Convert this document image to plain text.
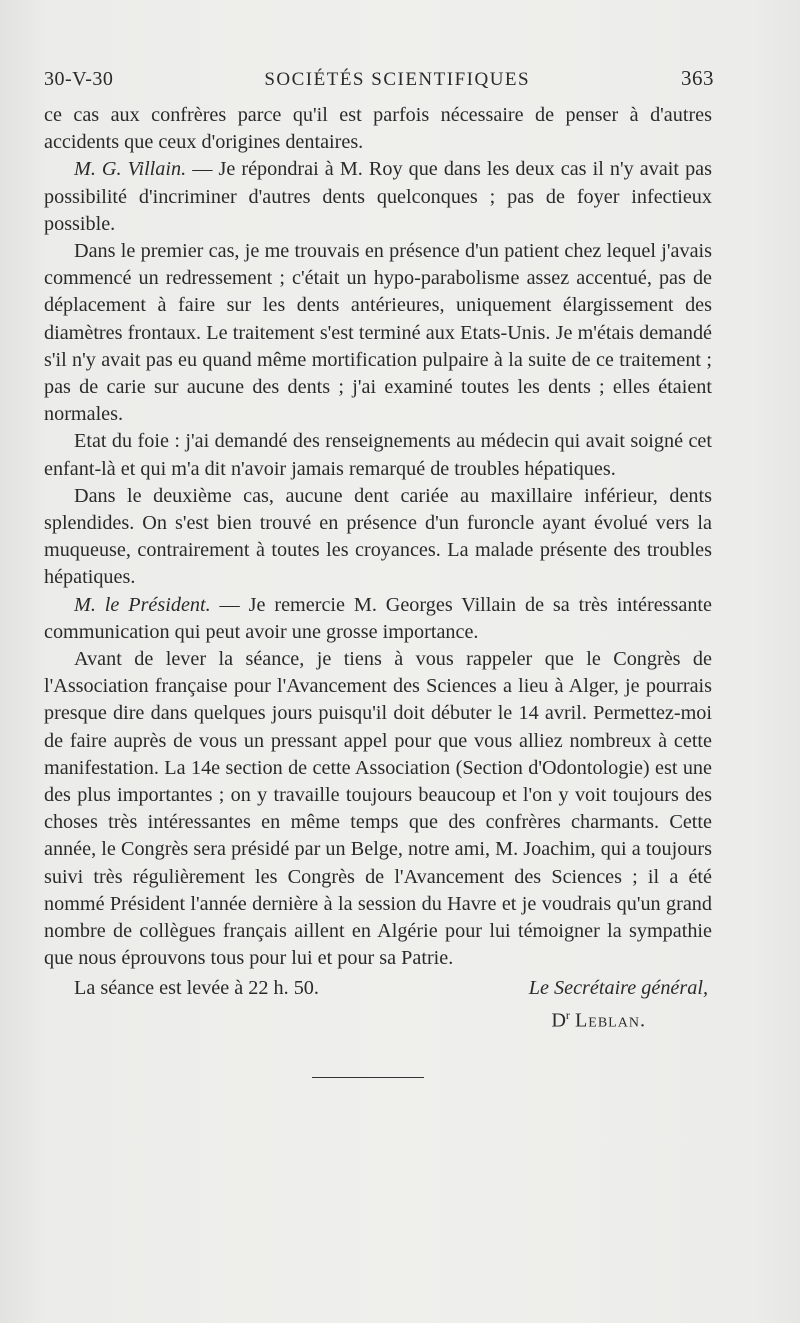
30-V-30	SOCIÉTÉS SCIENTIFIQUES	363

ce cas aux confrères parce qu'il est parfois nécessaire de penser à d'autres accidents que ceux d'origines dentaires.

M. G. Villain. — Je répondrai à M. Roy que dans les deux cas il n'y avait pas possibilité d'incriminer d'autres dents quelconques ; pas de foyer infectieux possible.

Dans le premier cas, je me trouvais en présence d'un patient chez lequel j'avais commencé un redressement ; c'était un hypo-parabolisme assez accentué, pas de déplacement à faire sur les dents antérieures, uniquement élargissement des diamètres frontaux. Le traitement s'est terminé aux Etats-Unis. Je m'étais demandé s'il n'y avait pas eu quand même mortification pulpaire à la suite de ce traitement ; pas de carie sur aucune des dents ; j'ai examiné toutes les dents ; elles étaient normales.

Etat du foie : j'ai demandé des renseignements au médecin qui avait soigné cet enfant-là et qui m'a dit n'avoir jamais remarqué de troubles hépatiques.

Dans le deuxième cas, aucune dent cariée au maxillaire inférieur, dents splendides. On s'est bien trouvé en présence d'un furoncle ayant évolué vers la muqueuse, contrairement à toutes les croyances. La malade présente des troubles hépatiques.

M. le Président. — Je remercie M. Georges Villain de sa très intéressante communication qui peut avoir une grosse importance.

Avant de lever la séance, je tiens à vous rappeler que le Congrès de l'Association française pour l'Avancement des Sciences a lieu à Alger, je pourrais presque dire dans quelques jours puisqu'il doit débuter le 14 avril. Permettez-moi de faire auprès de vous un pressant appel pour que vous alliez nombreux à cette manifestation. La 14e section de cette Association (Section d'Odontologie) est une des plus importantes ; on y travaille toujours beaucoup et l'on y voit toujours des choses très intéressantes en même temps que des confrères charmants. Cette année, le Congrès sera présidé par un Belge, notre ami, M. Joachim, qui a toujours suivi très régulièrement les Congrès de l'Avancement des Sciences ; il a été nommé Président l'année dernière à la session du Havre et je voudrais qu'un grand nombre de collègues français aillent en Algérie pour lui témoigner la sympathie que nous éprouvons tous pour lui et pour sa Patrie.

La séance est levée à 22 h. 50.	Le Secrétaire général,
$D^r$ Leblan.
